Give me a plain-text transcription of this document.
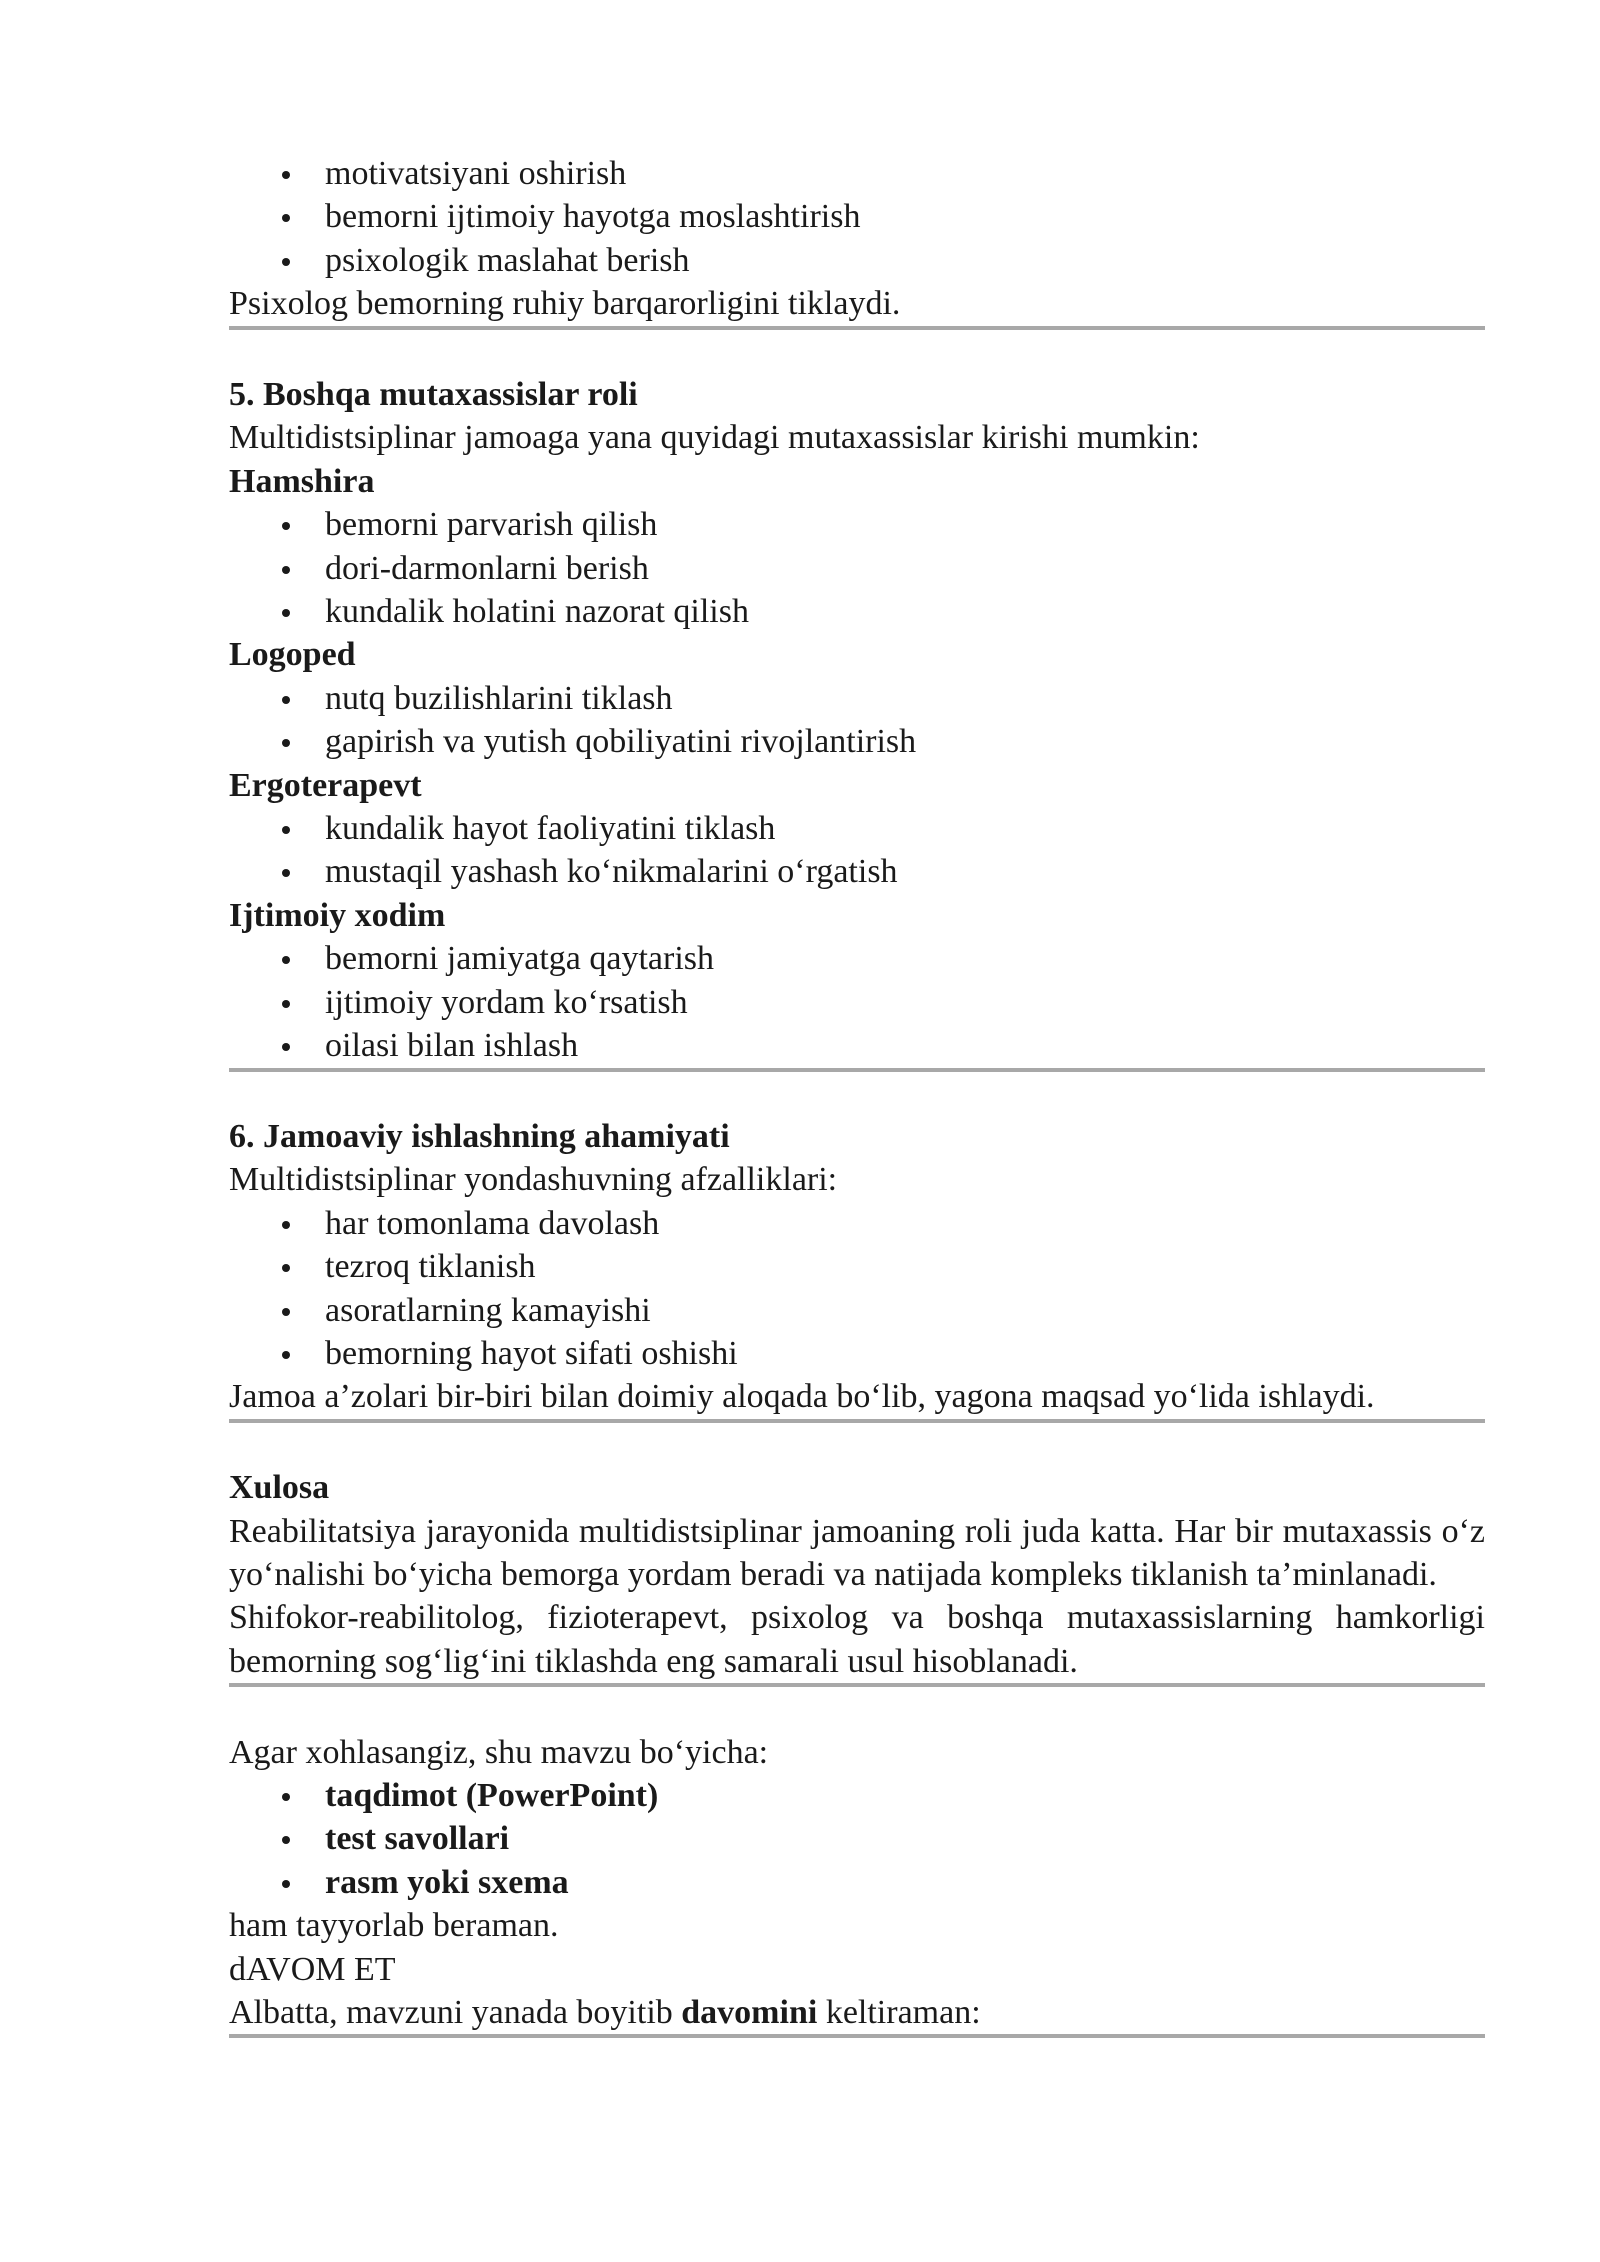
motivatsiyani oshirish
bemorni ijtimoiy hayotga moslashtirish
psixologik maslahat berish

Psixolog bemorning ruhiy barqarorligini tiklaydi.

5. Boshqa mutaxassislar roli

Multidistsiplinar jamoaga yana quyidagi mutaxassislar kirishi mumkin:

Hamshira

bemorni parvarish qilish
dori-darmonlarni berish
kundalik holatini nazorat qilish

Logoped

nutq buzilishlarini tiklash
gapirish va yutish qobiliyatini rivojlantirish

Ergoterapevt

kundalik hayot faoliyatini tiklash
mustaqil yashash ko‘nikmalarini o‘rgatish

Ijtimoiy xodim

bemorni jamiyatga qaytarish
ijtimoiy yordam ko‘rsatish
oilasi bilan ishlash

6. Jamoaviy ishlashning ahamiyati

Multidistsiplinar yondashuvning afzalliklari:

har tomonlama davolash
tezroq tiklanish
asoratlarning kamayishi
bemorning hayot sifati oshishi

Jamoa a’zolari bir-biri bilan doimiy aloqada bo‘lib, yagona maqsad yo‘lida ishlaydi.

Xulosa

Reabilitatsiya jarayonida multidistsiplinar jamoaning roli juda katta. Har bir mutaxassis o‘z yo‘nalishi bo‘yicha bemorga yordam beradi va natijada kompleks tiklanish ta’minlanadi.

Shifokor-reabilitolog, fizioterapevt, psixolog va boshqa mutaxassislarning hamkorligi bemorning sog‘lig‘ini tiklashda eng samarali usul hisoblanadi.

Agar xohlasangiz, shu mavzu bo‘yicha:

taqdimot (PowerPoint)
test savollari
rasm yoki sxema

ham tayyorlab beraman.

dAVOM ET

Albatta, mavzuni yanada boyitib davomini keltiraman:
